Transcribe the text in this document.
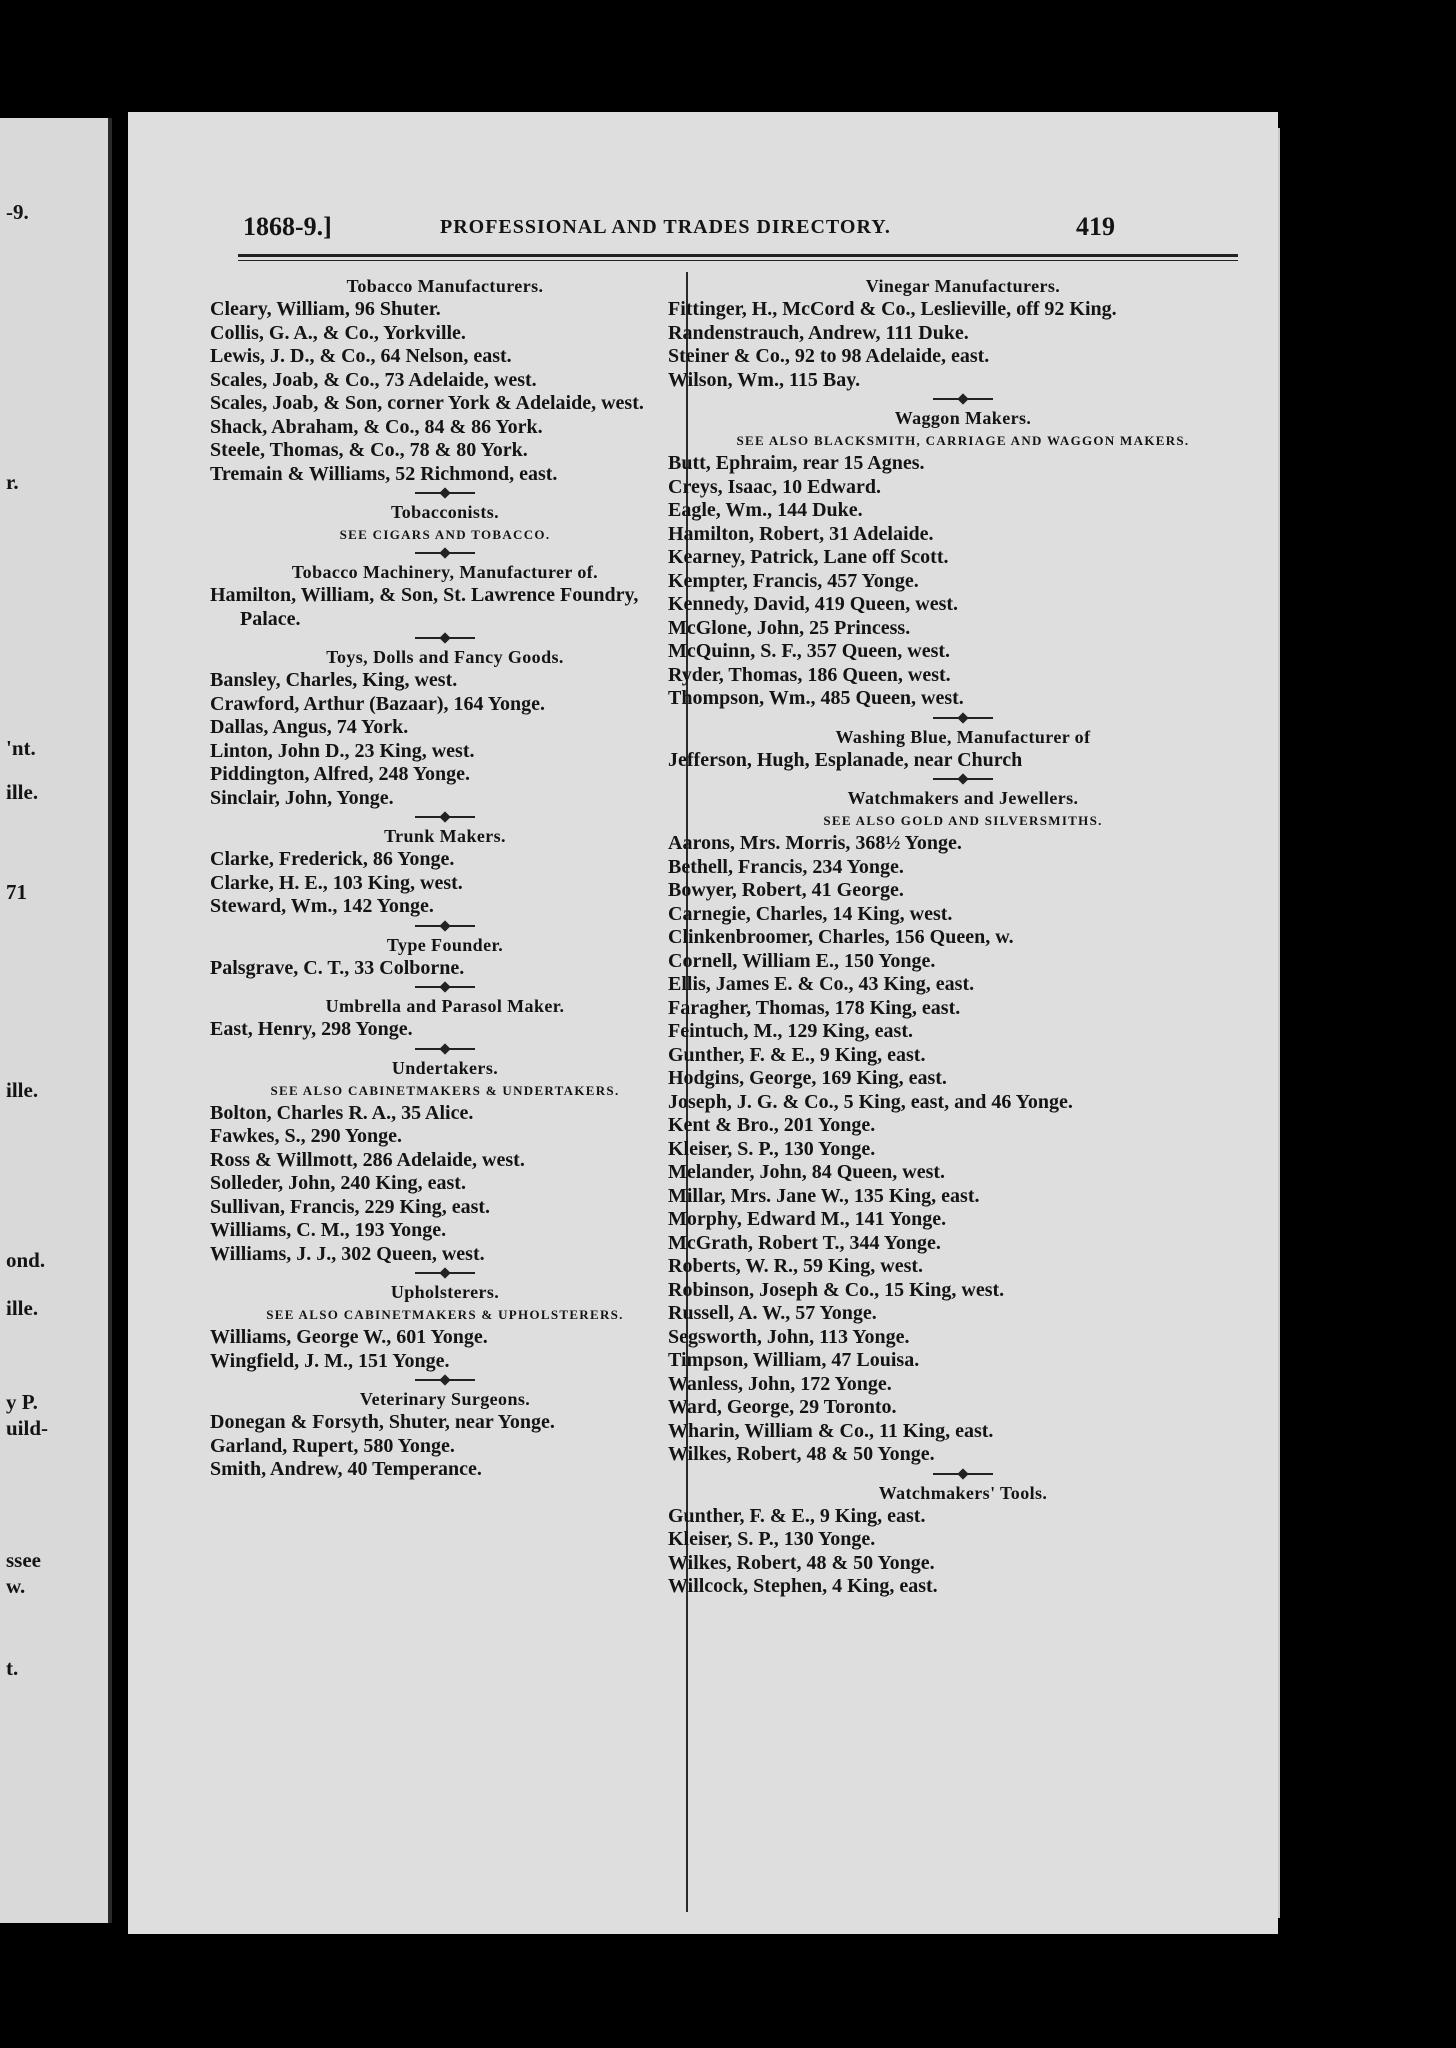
-9.
r.
'nt.
ille.
71
ille.
ond.
ille.
y P.
uild-
ssee
w.
t.
1868-9.]	PROFESSIONAL AND TRADES DIRECTORY.	419
Tobacco Manufacturers.
Cleary, William, 96 Shuter.
Collis, G. A., & Co., Yorkville.
Lewis, J. D., & Co., 64 Nelson, east.
Scales, Joab, & Co., 73 Adelaide, west.
Scales, Joab, & Son, corner York & Adelaide, west.
Shack, Abraham, & Co., 84 & 86 York.
Steele, Thomas, & Co., 78 & 80 York.
Tremain & Williams, 52 Richmond, east.
Tobacconists.
SEE CIGARS AND TOBACCO.
Tobacco Machinery, Manufacturer of.
Hamilton, William, & Son, St. Lawrence Foundry, Palace.
Toys, Dolls and Fancy Goods.
Bansley, Charles, King, west.
Crawford, Arthur (Bazaar), 164 Yonge.
Dallas, Angus, 74 York.
Linton, John D., 23 King, west.
Piddington, Alfred, 248 Yonge.
Sinclair, John, Yonge.
Trunk Makers.
Clarke, Frederick, 86 Yonge.
Clarke, H. E., 103 King, west.
Steward, Wm., 142 Yonge.
Type Founder.
Palsgrave, C. T., 33 Colborne.
Umbrella and Parasol Maker.
East, Henry, 298 Yonge.
Undertakers.
SEE ALSO CABINETMAKERS & UNDERTAKERS.
Bolton, Charles R. A., 35 Alice.
Fawkes, S., 290 Yonge.
Ross & Willmott, 286 Adelaide, west.
Solleder, John, 240 King, east.
Sullivan, Francis, 229 King, east.
Williams, C. M., 193 Yonge.
Williams, J. J., 302 Queen, west.
Upholsterers.
SEE ALSO CABINETMAKERS & UPHOLSTERERS.
Williams, George W., 601 Yonge.
Wingfield, J. M., 151 Yonge.
Veterinary Surgeons.
Donegan & Forsyth, Shuter, near Yonge.
Garland, Rupert, 580 Yonge.
Smith, Andrew, 40 Temperance.
Vinegar Manufacturers.
Fittinger, H., McCord & Co., Leslieville, off 92 King.
Randenstrauch, Andrew, 111 Duke.
Steiner & Co., 92 to 98 Adelaide, east.
Wilson, Wm., 115 Bay.
Waggon Makers.
SEE ALSO BLACKSMITH, CARRIAGE AND WAGGON MAKERS.
Butt, Ephraim, rear 15 Agnes.
Creys, Isaac, 10 Edward.
Eagle, Wm., 144 Duke.
Hamilton, Robert, 31 Adelaide.
Kearney, Patrick, Lane off Scott.
Kempter, Francis, 457 Yonge.
Kennedy, David, 419 Queen, west.
McGlone, John, 25 Princess.
McQuinn, S. F., 357 Queen, west.
Ryder, Thomas, 186 Queen, west.
Thompson, Wm., 485 Queen, west.
Washing Blue, Manufacturer of
Jefferson, Hugh, Esplanade, near Church
Watchmakers and Jewellers.
SEE ALSO GOLD AND SILVERSMITHS.
Aarons, Mrs. Morris, 368½ Yonge.
Bethell, Francis, 234 Yonge.
Bowyer, Robert, 41 George.
Carnegie, Charles, 14 King, west.
Clinkenbroomer, Charles, 156 Queen, w.
Cornell, William E., 150 Yonge.
Ellis, James E. & Co., 43 King, east.
Faragher, Thomas, 178 King, east.
Feintuch, M., 129 King, east.
Gunther, F. & E., 9 King, east.
Hodgins, George, 169 King, east.
Joseph, J. G. & Co., 5 King, east, and 46 Yonge.
Kent & Bro., 201 Yonge.
Kleiser, S. P., 130 Yonge.
Melander, John, 84 Queen, west.
Millar, Mrs. Jane W., 135 King, east.
Morphy, Edward M., 141 Yonge.
McGrath, Robert T., 344 Yonge.
Roberts, W. R., 59 King, west.
Robinson, Joseph & Co., 15 King, west.
Russell, A. W., 57 Yonge.
Segsworth, John, 113 Yonge.
Timpson, William, 47 Louisa.
Wanless, John, 172 Yonge.
Ward, George, 29 Toronto.
Wharin, William & Co., 11 King, east.
Wilkes, Robert, 48 & 50 Yonge.
Watchmakers' Tools.
Gunther, F. & E., 9 King, east.
Kleiser, S. P., 130 Yonge.
Wilkes, Robert, 48 & 50 Yonge.
Willcock, Stephen, 4 King, east.
